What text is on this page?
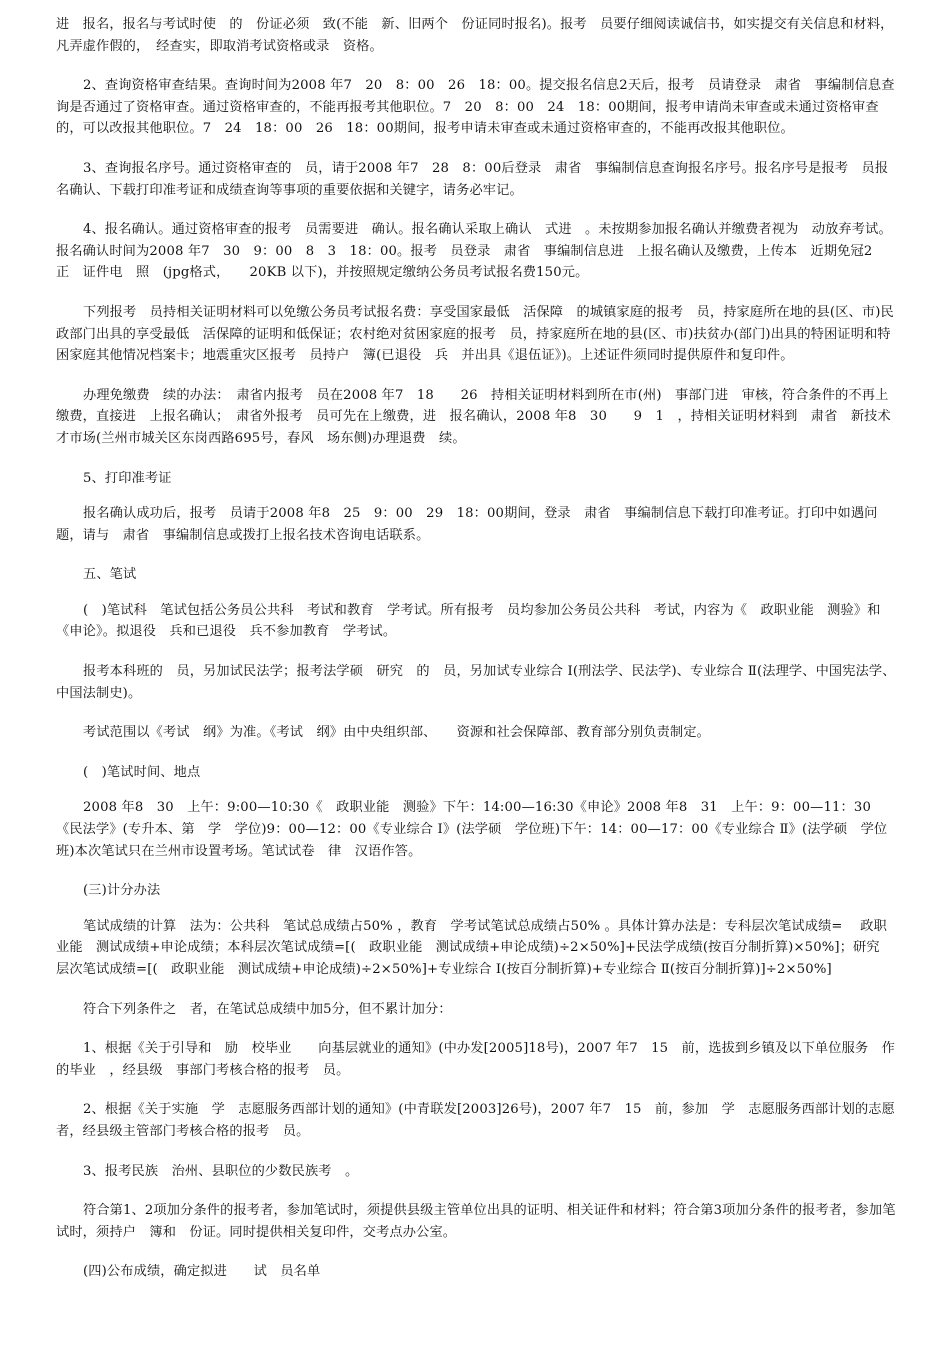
进　报名，报名与考试时使　的　份证必须　致(不能　新、旧两个　份证同时报名)。报考　员要仔细阅读诚信书，如实提交有关信息和材料，凡弄虚作假的，　经查实，即取消考试资格或录　资格。

2、查询资格审查结果。查询时间为2008 年7　20　8：00　26　18：00。提交报名信息2天后，报考　员请登录　肃省　事编制信息查询是否通过了资格审查。通过资格审查的，不能再报考其他职位。7　20　8：00　24　18：00期间，报考申请尚未审查或未通过资格审查的，可以改报其他职位。7　24　18：00　26　18：00期间，报考申请未审查或未通过资格审查的，不能再改报其他职位。

3、查询报名序号。通过资格审查的　员，请于2008 年7　28　8：00后登录　肃省　事编制信息查询报名序号。报名序号是报考　员报名确认、下载打印准考证和成绩查询等事项的重要依据和关键字，请务必牢记。

4、报名确认。通过资格审查的报考　员需要进　确认。报名确认采取上确认　式进　。未按期参加报名确认并缴费者视为　动放弃考试。报名确认时间为2008 年7　30　9：00　8　3　18：00。报考　员登录　肃省　事编制信息进　上报名确认及缴费，上传本　近期免冠2　正　证件电　照　(jpg格式，　　20KB 以下)，并按照规定缴纳公务员考试报名费150元。

下列报考　员持相关证明材料可以免缴公务员考试报名费：享受国家最低　活保障　的城镇家庭的报考　员，持家庭所在地的县(区、市)民政部门出具的享受最低　活保障的证明和低保证；农村绝对贫困家庭的报考　员，持家庭所在地的县(区、市)扶贫办(部门)出具的特困证明和特困家庭其他情况档案卡；地震重灾区报考　员持户　簿(已退役　兵　并出具《退伍证》)。上述证件须同时提供原件和复印件。

办理免缴费　续的办法：　肃省内报考　员在2008 年7　18　　26　持相关证明材料到所在市(州)　事部门进　审核，符合条件的不再上缴费，直接进　上报名确认；　肃省外报考　员可先在上缴费，进　报名确认，2008 年8　30　　9　1　，持相关证明材料到　肃省　新技术　才市场(兰州市城关区东岗西路695号，春风　场东侧)办理退费　续。

5、打印准考证

报名确认成功后，报考　员请于2008 年8　25　9：00　29　18：00期间，登录　肃省　事编制信息下载打印准考证。打印中如遇问题，请与　肃省　事编制信息或拨打上报名技术咨询电话联系。

五、笔试

(　)笔试科　笔试包括公务员公共科　考试和教育　学考试。所有报考　员均参加公务员公共科　考试，内容为《　政职业能　测验》和《申论》。拟退役　兵和已退役　兵不参加教育　学考试。

报考本科班的　员，另加试民法学；报考法学硕　研究　的　员，另加试专业综合 Ⅰ(刑法学、民法学)、专业综合 Ⅱ(法理学、中国宪法学、中国法制史)。

考试范围以《考试　纲》为准。《考试　纲》由中央组织部、　　资源和社会保障部、教育部分别负责制定。

(　)笔试时间、地点

2008 年8　30　上午：9:00—10:30《　政职业能　测验》下午：14:00—16:30《申论》2008 年8　31　上午：9：00—11：30《民法学》(专升本、第　学　学位)9：00—12：00《专业综合 Ⅰ》(法学硕　学位班)下午：14：00—17：00《专业综合 Ⅱ》(法学硕　学位班)本次笔试只在兰州市设置考场。笔试试卷　律　汉语作答。

(三)计分办法

笔试成绩的计算　法为：公共科　笔试总成绩占50% ，教育　学考试笔试总成绩占50% 。具体计算办法是：专科层次笔试成绩= 　政职业能　测试成绩+申论成绩；本科层次笔试成绩=[(　政职业能　测试成绩+申论成绩)÷2×50%]+民法学成绩(按百分制折算)×50%]；研究　层次笔试成绩=[(　政职业能　测试成绩+申论成绩)÷2×50%]+专业综合 Ⅰ(按百分制折算)+专业综合 Ⅱ(按百分制折算)]÷2×50%]

符合下列条件之　者，在笔试总成绩中加5分，但不累计加分：

1、根据《关于引导和　励　校毕业　　向基层就业的通知》(中办发[2005]18号)，2007 年7　15　前，选拔到乡镇及以下单位服务　作的毕业　，经县级　事部门考核合格的报考　员。

2、根据《关于实施　学　志愿服务西部计划的通知》(中青联发[2003]26号)，2007 年7　15　前，参加　学　志愿服务西部计划的志愿者，经县级主管部门考核合格的报考　员。

3、报考民族　治州、县职位的少数民族考　。

符合第1、2项加分条件的报考者，参加笔试时，须提供县级主管单位出具的证明、相关证件和材料；符合第3项加分条件的报考者，参加笔试时，须持户　簿和　份证。同时提供相关复印件，交考点办公室。

(四)公布成绩，确定拟进　　试　员名单
